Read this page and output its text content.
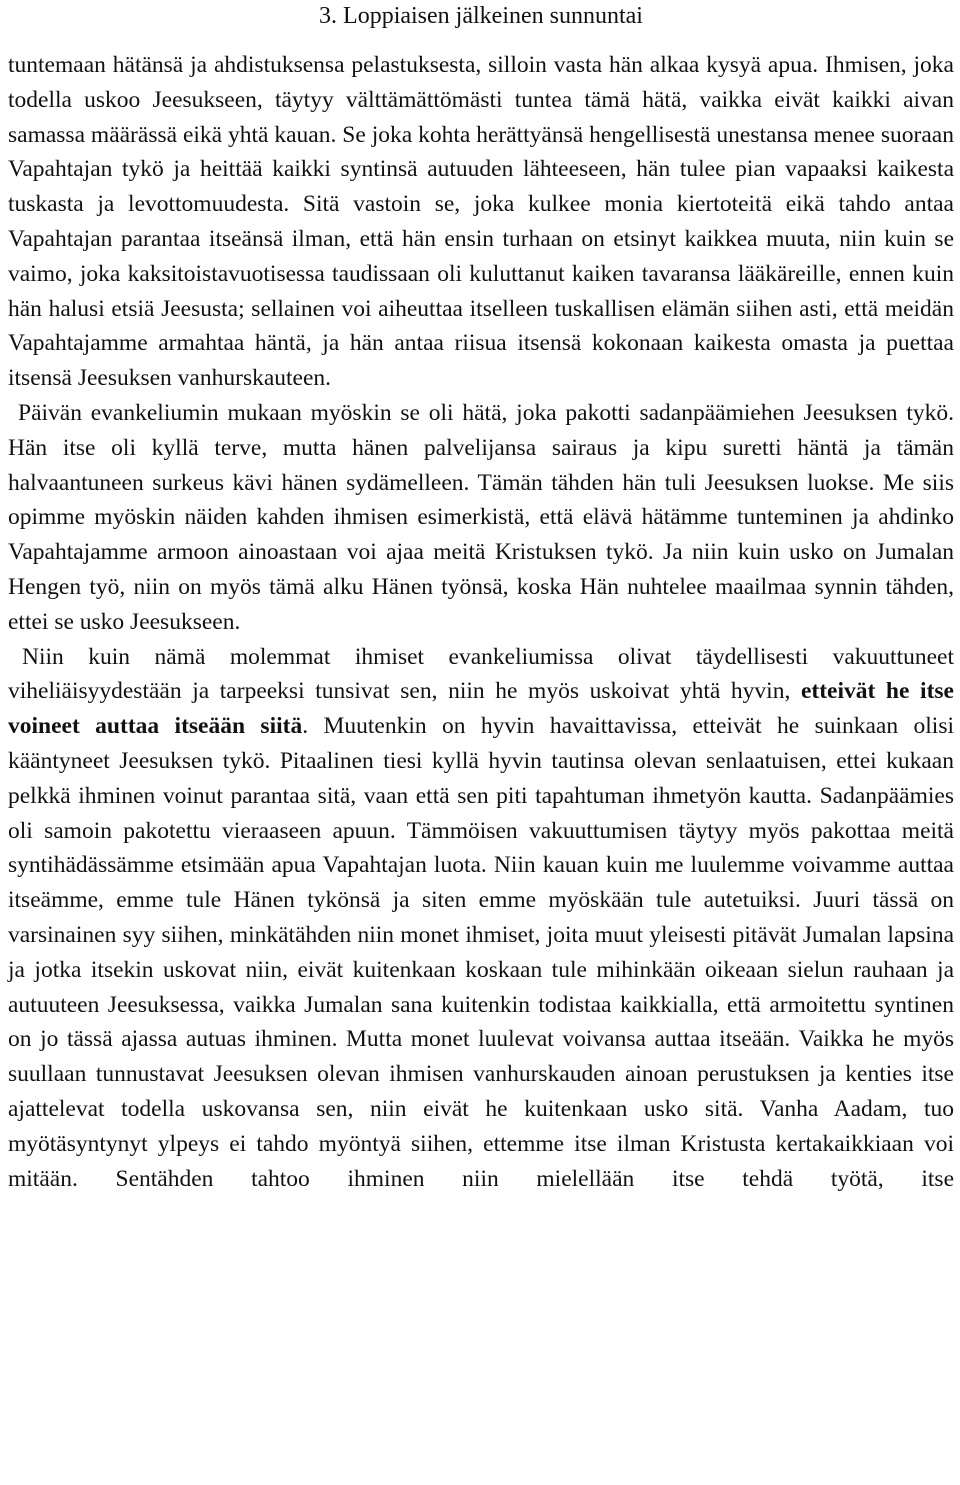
3. Loppiaisen jälkeinen sunnuntai

tuntemaan hätänsä ja ahdistuksensa pelastuksesta, silloin vasta hän alkaa kysyä apua. Ihmisen, joka todella uskoo Jeesukseen, täytyy välttämättömästi tuntea tämä hätä, vaikka eivät kaikki aivan samassa määrässä eikä yhtä kauan. Se joka kohta herättyänsä hengellisestä unestansa menee suoraan Vapahtajan tykö ja heittää kaikki syntinsä autuuden lähteeseen, hän tulee pian vapaaksi kaikesta tuskasta ja levottomuudesta. Sitä vastoin se, joka kulkee monia kiertoteitä eikä tahdo antaa Vapahtajan parantaa itseänsä ilman, että hän ensin turhaan on etsinyt kaikkea muuta, niin kuin se vaimo, joka kaksitoistavuotisessa taudissaan oli kuluttanut kaiken tavaransa lääkäreille, ennen kuin hän halusi etsiä Jeesusta; sellainen voi aiheuttaa itselleen tuskallisen elämän siihen asti, että meidän Vapahtajamme armahtaa häntä, ja hän antaa riisua itsensä kokonaan kaikesta omasta ja puettaa itsensä Jeesuksen vanhurskauteen.

Päivän evankeliumin mukaan myöskin se oli hätä, joka pakotti sadanpäämiehen Jeesuksen tykö. Hän itse oli kyllä terve, mutta hänen palvelijansa sairaus ja kipu suretti häntä ja tämän halvaantuneen surkeus kävi hänen sydämelleen. Tämän tähden hän tuli Jeesuksen luokse. Me siis opimme myöskin näiden kahden ihmisen esimerkistä, että elävä hätämme tunteminen ja ahdinko Vapahtajamme armoon ainoastaan voi ajaa meitä Kristuksen tykö. Ja niin kuin usko on Jumalan Hengen työ, niin on myös tämä alku Hänen työnsä, koska Hän nuhtelee maailmaa synnin tähden, ettei se usko Jeesukseen.

Niin kuin nämä molemmat ihmiset evankeliumissa olivat täydellisesti vakuuttuneet viheliäisyydestään ja tarpeeksi tunsivat sen, niin he myös uskoivat yhtä hyvin, etteivät he itse voineet auttaa itseään siitä. Muutenkin on hyvin havaittavissa, etteivät he suinkaan olisi kääntyneet Jeesuksen tykö. Pitaalinen tiesi kyllä hyvin tautinsa olevan senlaatuisen, ettei kukaan pelkkä ihminen voinut parantaa sitä, vaan että sen piti tapahtuman ihmetyön kautta. Sadanpäämies oli samoin pakotettu vieraaseen apuun. Tämmöisen vakuuttumisen täytyy myös pakottaa meitä syntihädässämme etsimään apua Vapahtajan luota. Niin kauan kuin me luulemme voivamme auttaa itseämme, emme tule Hänen tykönsä ja siten emme myöskään tule autetuiksi. Juuri tässä on varsinainen syy siihen, minkätähden niin monet ihmiset, joita muut yleisesti pitävät Jumalan lapsina ja jotka itsekin uskovat niin, eivät kuitenkaan koskaan tule mihinkään oikeaan sielun rauhaan ja autuuteen Jeesuksessa, vaikka Jumalan sana kuitenkin todistaa kaikkialla, että armoitettu syntinen on jo tässä ajassa autuas ihminen. Mutta monet luulevat voivansa auttaa itseään. Vaikka he myös suullaan tunnustavat Jeesuksen olevan ihmisen vanhurskauden ainoan perustuksen ja kenties itse ajattelevat todella uskovansa sen, niin eivät he kuitenkaan usko sitä. Vanha Aadam, tuo myötäsyntynyt ylpeys ei tahdo myöntyä siihen, ettemme itse ilman Kristusta kertakaikkiaan voi mitään. Sentähden tahtoo ihminen niin mielellään itse tehdä työtä, itse
